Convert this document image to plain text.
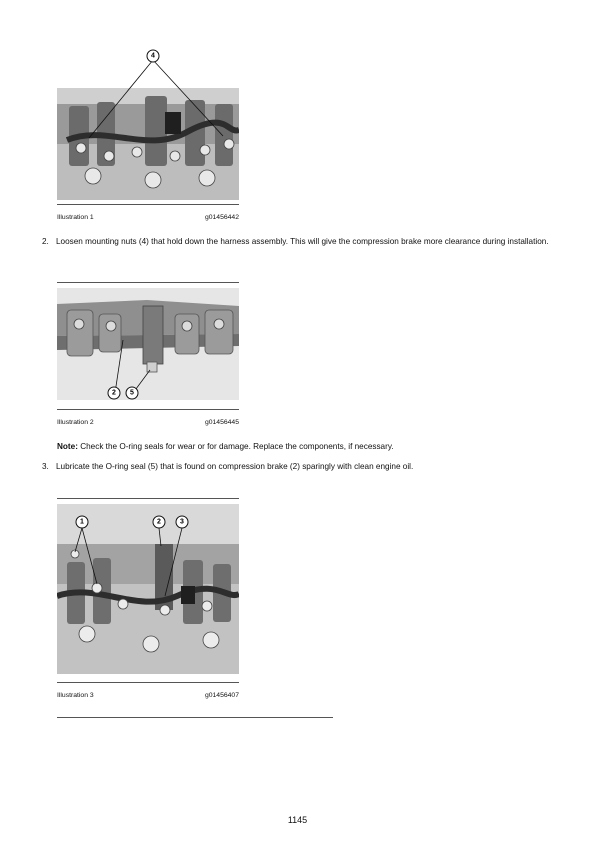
4
Illustration 1	g01456442
2. Loosen mounting nuts (4) that hold down the harness assembly. This will give the compression brake more clearance during installation.
2 5
Illustration 2	g01456445
Note: Check the O-ring seals for wear or for damage. Replace the components, if necessary.
3. Lubricate the O-ring seal (5) that is found on compression brake (2) sparingly with clean engine oil.
1	2	3
Illustration 3	g01456407
1145
